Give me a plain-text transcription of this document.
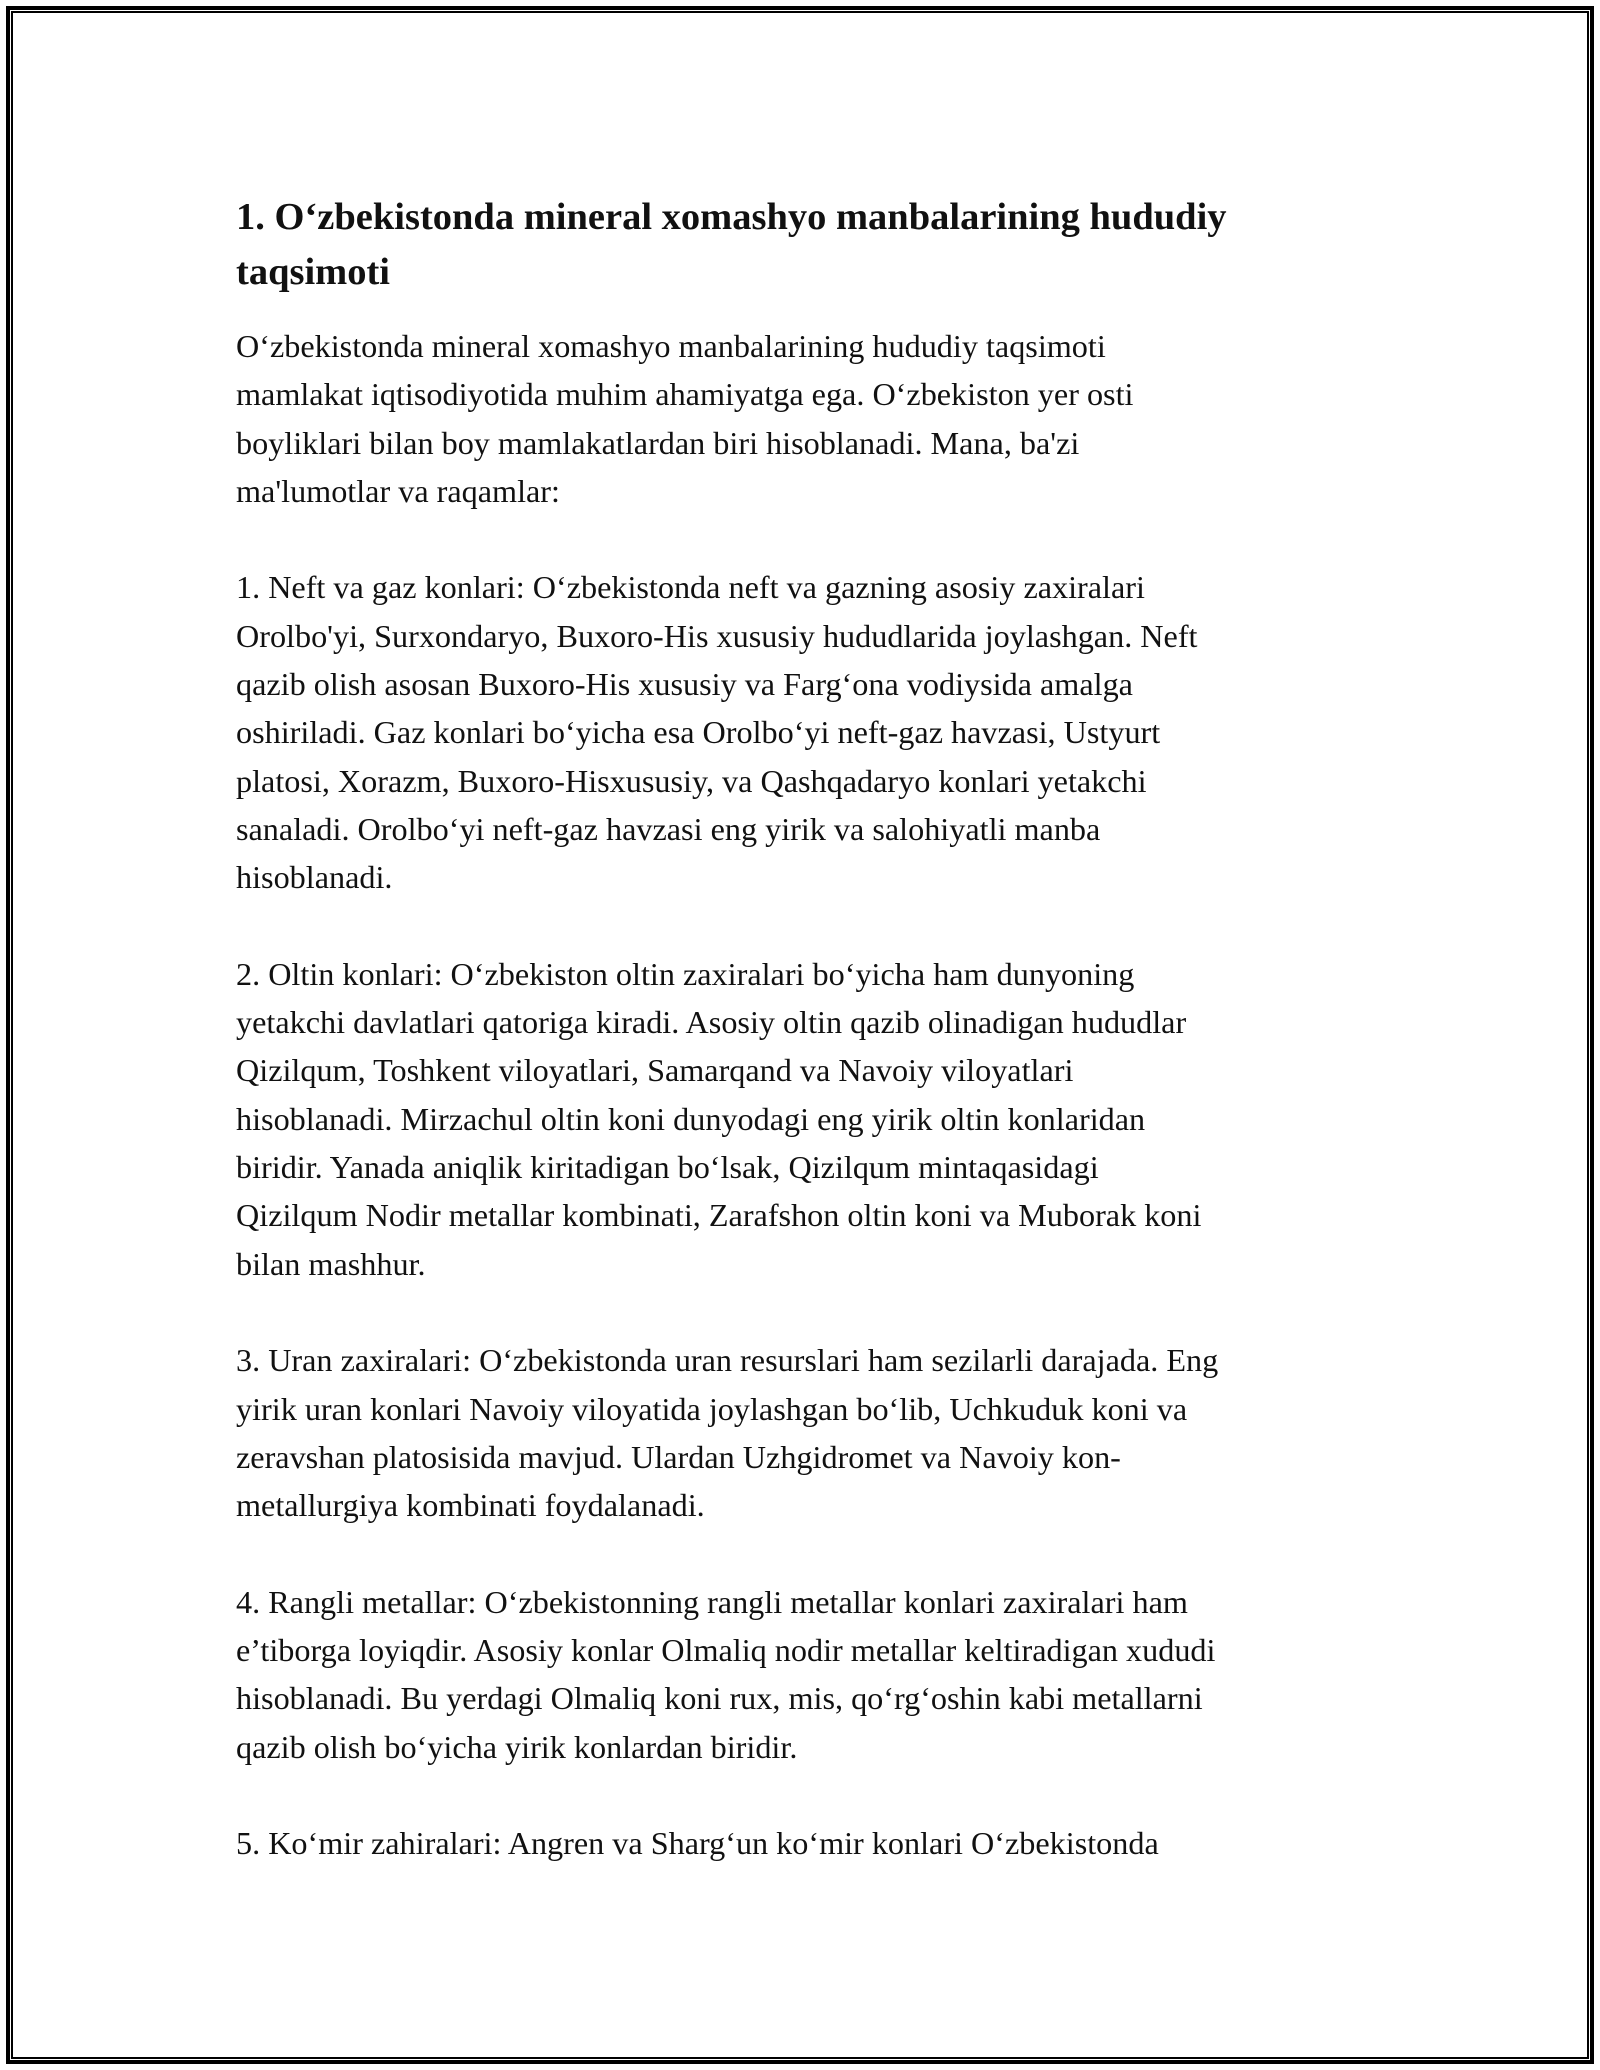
1. O‘zbekistonda mineral xomashyo manbalarining hududiy taqsimoti
O‘zbekistonda mineral xomashyo manbalarining hududiy taqsimoti
mamlakat iqtisodiyotida muhim ahamiyatga ega. O‘zbekiston yer osti
boyliklari bilan boy mamlakatlardan biri hisoblanadi. Mana, ba'zi
ma'lumotlar va raqamlar:
1. Neft va gaz konlari: O‘zbekistonda neft va gazning asosiy zaxiralari
Orolbo'yi, Surxondaryo, Buxoro-His xususiy hududlarida joylashgan. Neft
qazib olish asosan Buxoro-His xususiy va Farg‘ona vodiysida amalga
oshiriladi. Gaz konlari bo‘yicha esa Orolbo‘yi neft-gaz havzasi, Ustyurt
platosi, Xorazm, Buxoro-Hisxususiy, va Qashqadaryo konlari yetakchi
sanaladi. Orolbo‘yi neft-gaz havzasi eng yirik va salohiyatli manba
hisoblanadi.
2. Oltin konlari: O‘zbekiston oltin zaxiralari bo‘yicha ham dunyoning
yetakchi davlatlari qatoriga kiradi. Asosiy oltin qazib olinadigan hududlar
Qizilqum, Toshkent viloyatlari, Samarqand va Navoiy viloyatlari
hisoblanadi. Mirzachul oltin koni dunyodagi eng yirik oltin konlaridan
biridir. Yanada aniqlik kiritadigan bo‘lsak, Qizilqum mintaqasidagi
Qizilqum Nodir metallar kombinati, Zarafshon oltin koni va Muborak koni
bilan mashhur.
3. Uran zaxiralari: O‘zbekistonda uran resurslari ham sezilarli darajada. Eng
yirik uran konlari Navoiy viloyatida joylashgan bo‘lib, Uchkuduk koni va
zeravshan platosisida mavjud. Ulardan Uzhgidromet va Navoiy kon-
metallurgiya kombinati foydalanadi.
4. Rangli metallar: O‘zbekistonning rangli metallar konlari zaxiralari ham
e’tiborga loyiqdir. Asosiy konlar Olmaliq nodir metallar keltiradigan xududi
hisoblanadi. Bu yerdagi Olmaliq koni rux, mis, qo‘rg‘oshin kabi metallarni
qazib olish bo‘yicha yirik konlardan biridir.
5. Ko‘mir zahiralari: Angren va Sharg‘un ko‘mir konlari O‘zbekistonda
